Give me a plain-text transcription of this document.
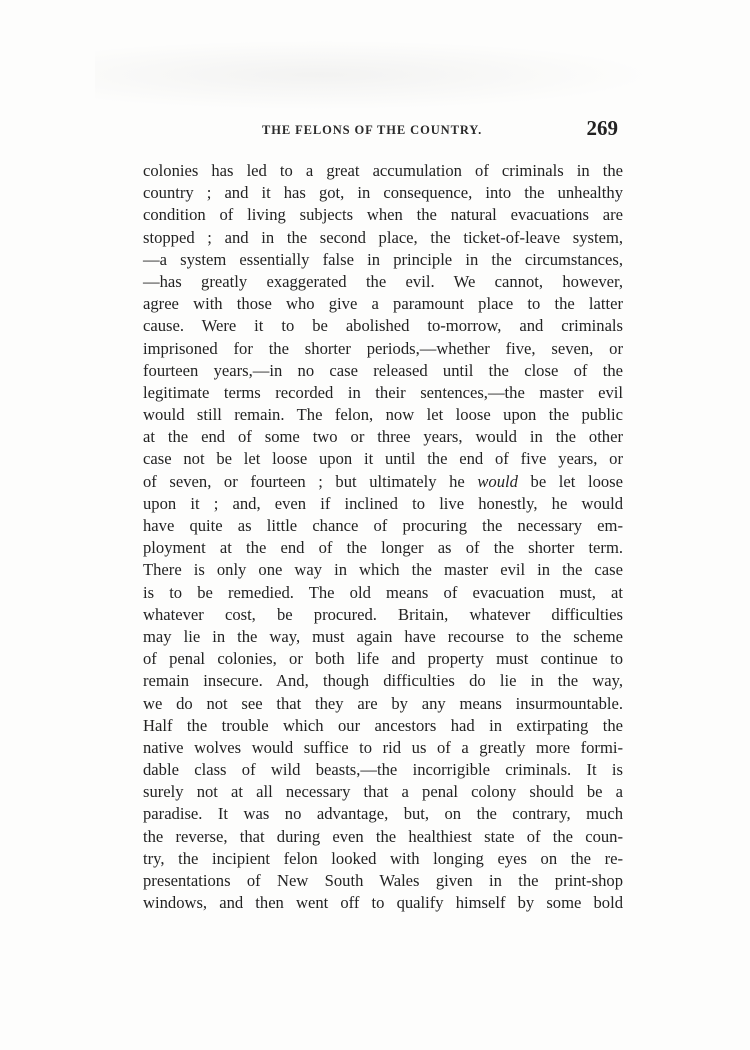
THE FELONS OF THE COUNTRY.	269
colonies has led to a great accumulation of criminals in the
country ; and it has got, in consequence, into the unhealthy
condition of living subjects when the natural evacuations are
stopped ; and in the second place, the ticket-of-leave system,
—a system essentially false in principle in the circumstances,
—has greatly exaggerated the evil. We cannot, however,
agree with those who give a paramount place to the latter
cause. Were it to be abolished to-morrow, and criminals
imprisoned for the shorter periods,—whether five, seven, or
fourteen years,—in no case released until the close of the
legitimate terms recorded in their sentences,—the master evil
would still remain. The felon, now let loose upon the public
at the end of some two or three years, would in the other
case not be let loose upon it until the end of five years, or
of seven, or fourteen ; but ultimately he would be let loose
upon it ; and, even if inclined to live honestly, he would
have quite as little chance of procuring the necessary em-
ployment at the end of the longer as of the shorter term.
There is only one way in which the master evil in the case
is to be remedied. The old means of evacuation must, at
whatever cost, be procured. Britain, whatever difficulties
may lie in the way, must again have recourse to the scheme
of penal colonies, or both life and property must continue to
remain insecure. And, though difficulties do lie in the way,
we do not see that they are by any means insurmountable.
Half the trouble which our ancestors had in extirpating the
native wolves would suffice to rid us of a greatly more formi-
dable class of wild beasts,—the incorrigible criminals. It is
surely not at all necessary that a penal colony should be a
paradise. It was no advantage, but, on the contrary, much
the reverse, that during even the healthiest state of the coun-
try, the incipient felon looked with longing eyes on the re-
presentations of New South Wales given in the print-shop
windows, and then went off to qualify himself by some bold
